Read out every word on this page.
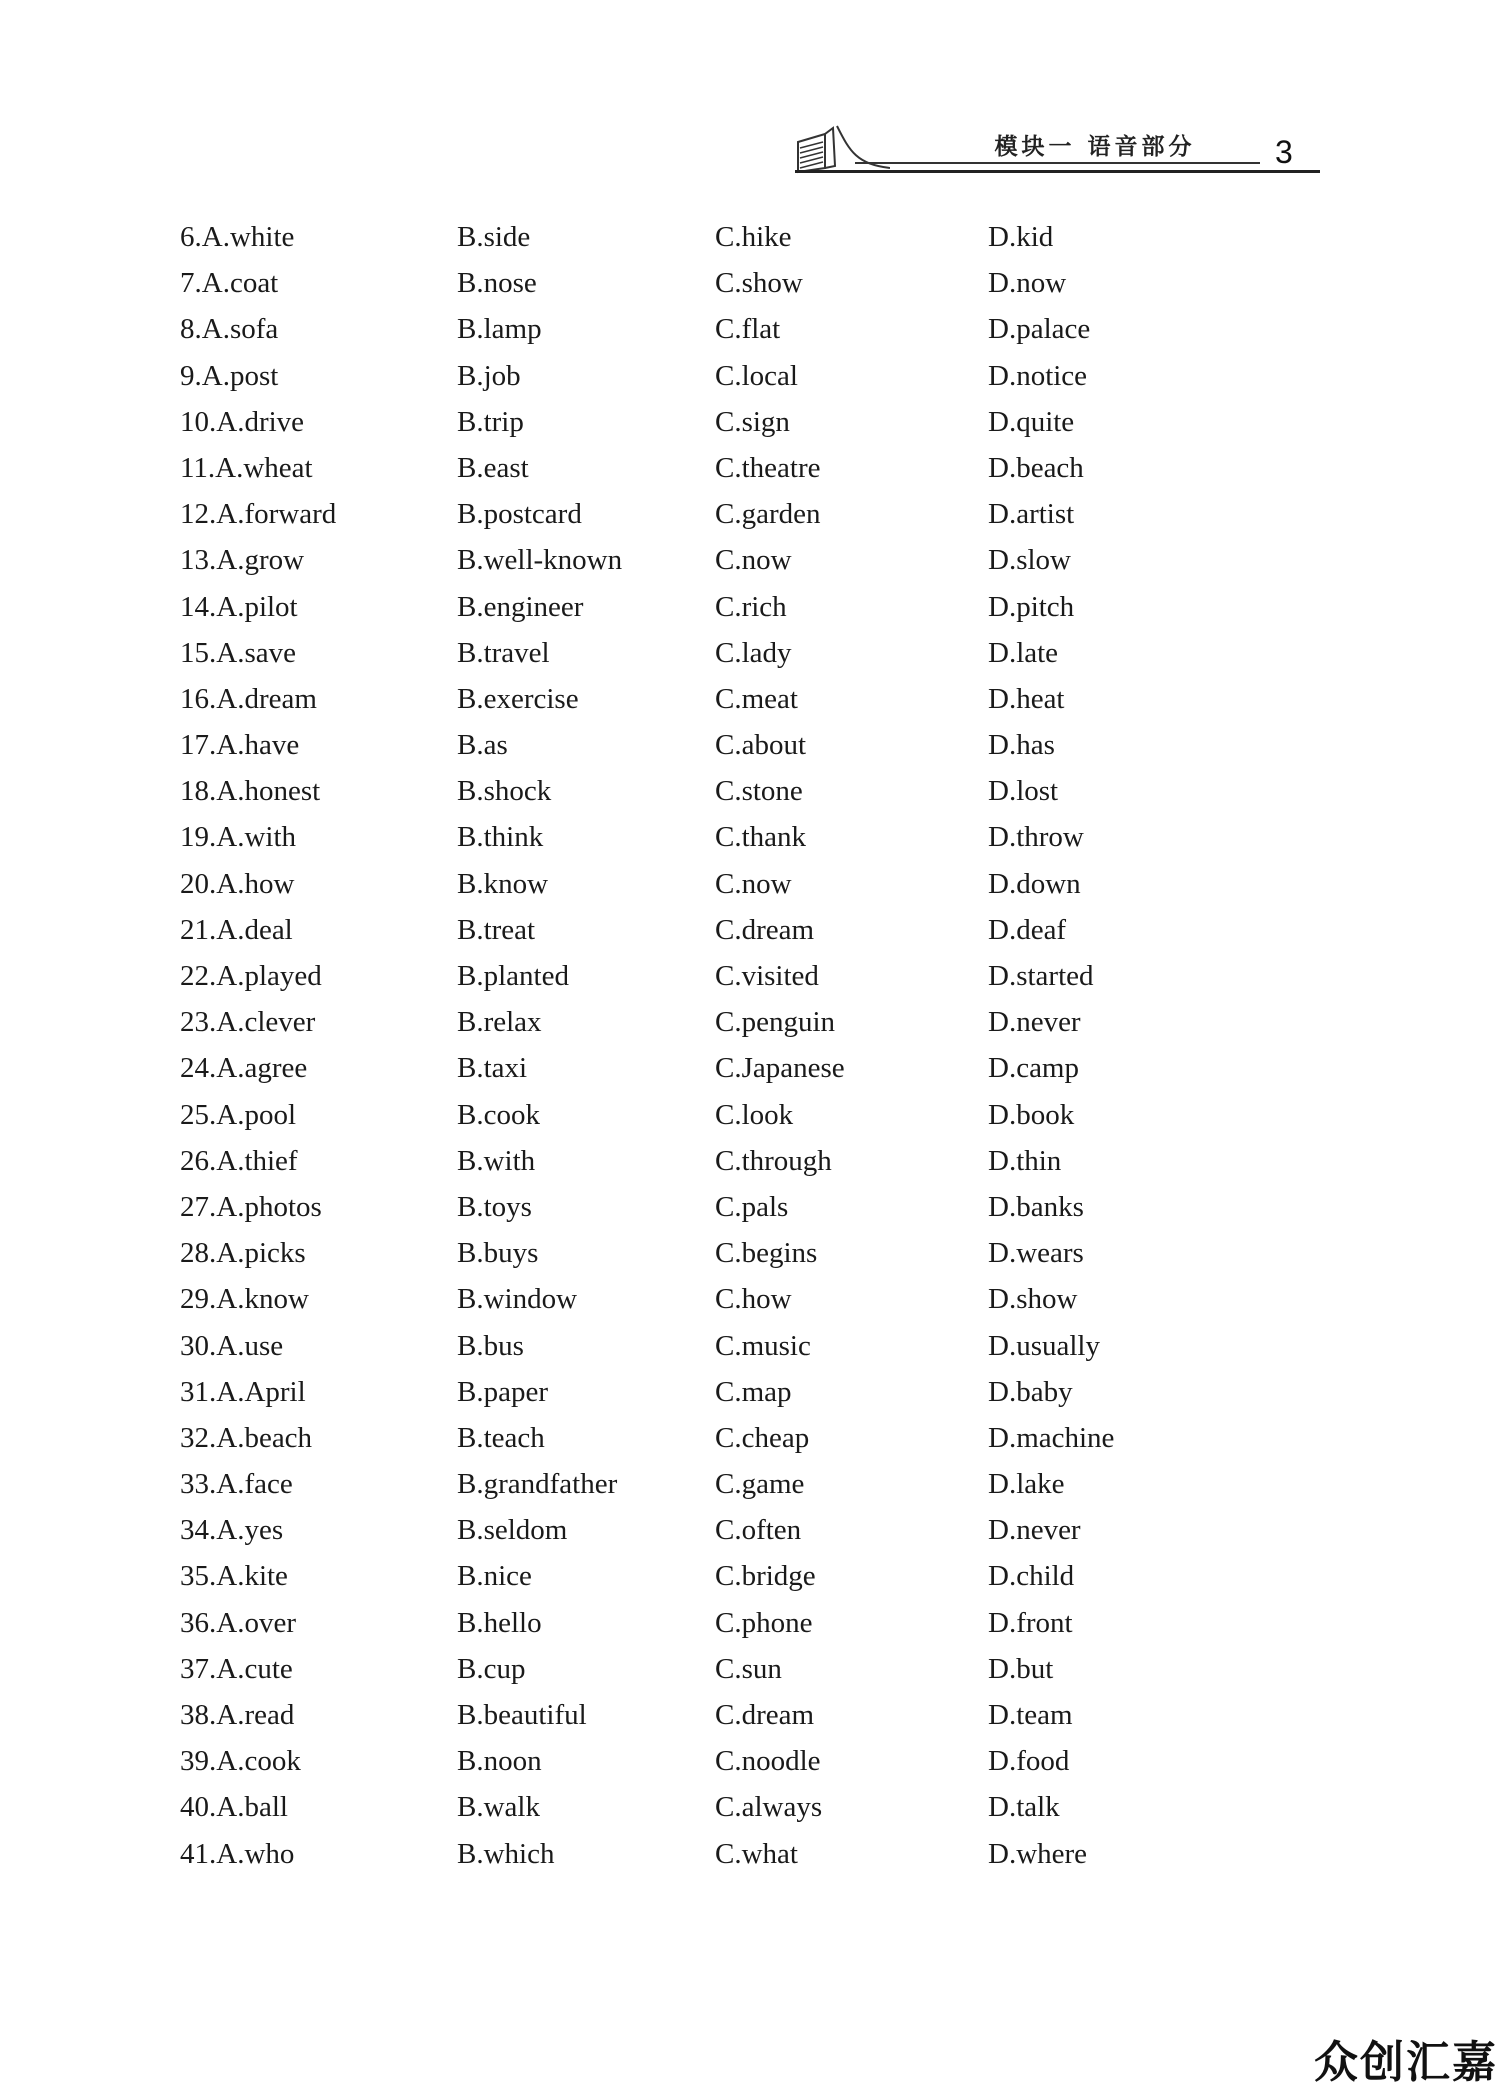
模块一 语音部分	3
6.A.white	B.side	C.hike	D.kid
7.A.coat	B.nose	C.show	D.now
8.A.sofa	B.lamp	C.flat	D.palace
9.A.post	B.job	C.local	D.notice
10.A.drive	B.trip	C.sign	D.quite
11.A.wheat	B.east	C.theatre	D.beach
12.A.forward	B.postcard	C.garden	D.artist
13.A.grow	B.well-known	C.now	D.slow
14.A.pilot	B.engineer	C.rich	D.pitch
15.A.save	B.travel	C.lady	D.late
16.A.dream	B.exercise	C.meat	D.heat
17.A.have	B.as	C.about	D.has
18.A.honest	B.shock	C.stone	D.lost
19.A.with	B.think	C.thank	D.throw
20.A.how	B.know	C.now	D.down
21.A.deal	B.treat	C.dream	D.deaf
22.A.played	B.planted	C.visited	D.started
23.A.clever	B.relax	C.penguin	D.never
24.A.agree	B.taxi	C.Japanese	D.camp
25.A.pool	B.cook	C.look	D.book
26.A.thief	B.with	C.through	D.thin
27.A.photos	B.toys	C.pals	D.banks
28.A.picks	B.buys	C.begins	D.wears
29.A.know	B.window	C.how	D.show
30.A.use	B.bus	C.music	D.usually
31.A.April	B.paper	C.map	D.baby
32.A.beach	B.teach	C.cheap	D.machine
33.A.face	B.grandfather	C.game	D.lake
34.A.yes	B.seldom	C.often	D.never
35.A.kite	B.nice	C.bridge	D.child
36.A.over	B.hello	C.phone	D.front
37.A.cute	B.cup	C.sun	D.but
38.A.read	B.beautiful	C.dream	D.team
39.A.cook	B.noon	C.noodle	D.food
40.A.ball	B.walk	C.always	D.talk
41.A.who	B.which	C.what	D.where
众创汇嘉
